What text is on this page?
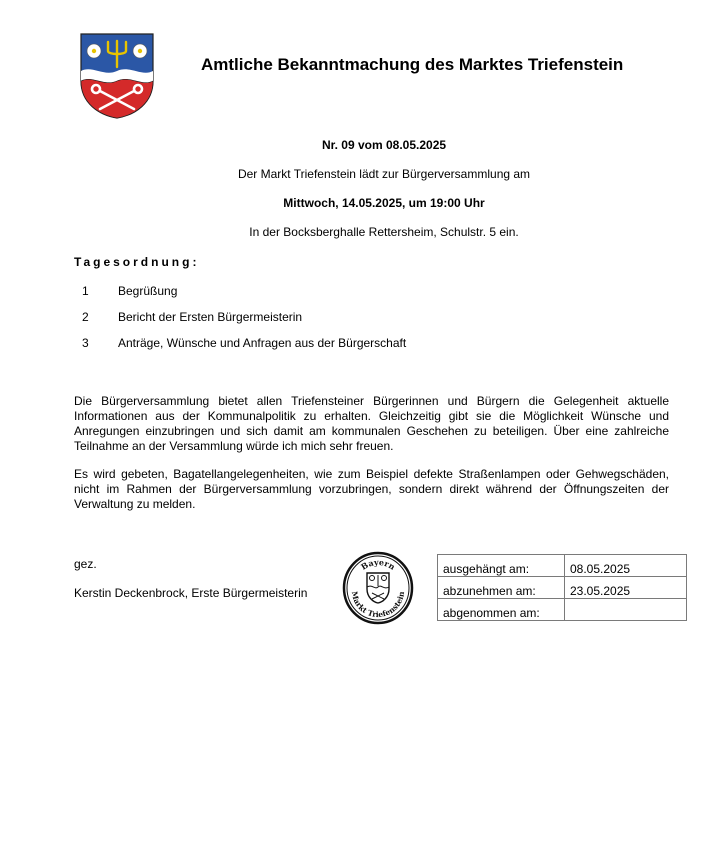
Amtliche Bekanntmachung des Marktes Triefenstein
Nr. 09 vom 08.05.2025
Der Markt Triefenstein lädt zur Bürgerversammlung am
Mittwoch, 14.05.2025, um 19:00 Uhr
In der Bocksberghalle Rettersheim, Schulstr. 5 ein.
Tagesordnung:
1 Begrüßung
2 Bericht der Ersten Bürgermeisterin
3 Anträge, Wünsche und Anfragen aus der Bürgerschaft

Die Bürgerversammlung bietet allen Triefensteiner Bürgerinnen und Bürgern die Gelegenheit aktuelle Informationen aus der Kommunalpolitik zu erhalten. Gleichzeitig gibt sie die Möglichkeit Wünsche und Anregungen einzubringen und sich damit am kommunalen Geschehen zu beteiligen. Über eine zahlreiche Teilnahme an der Versammlung würde ich mich sehr freuen.

Es wird gebeten, Bagatellangelegenheiten, wie zum Beispiel defekte Straßenlampen oder Gehwegschäden, nicht im Rahmen der Bürgerversammlung vorzubringen, sondern direkt während der Öffnungszeiten der Verwaltung zu melden.

gez.
Kerstin Deckenbrock, Erste Bürgermeisterin
Bayern
Markt Triefenstein
ausgehängt am:	08.05.2025
abzunehmen am:	23.05.2025
abgenommen am:	
